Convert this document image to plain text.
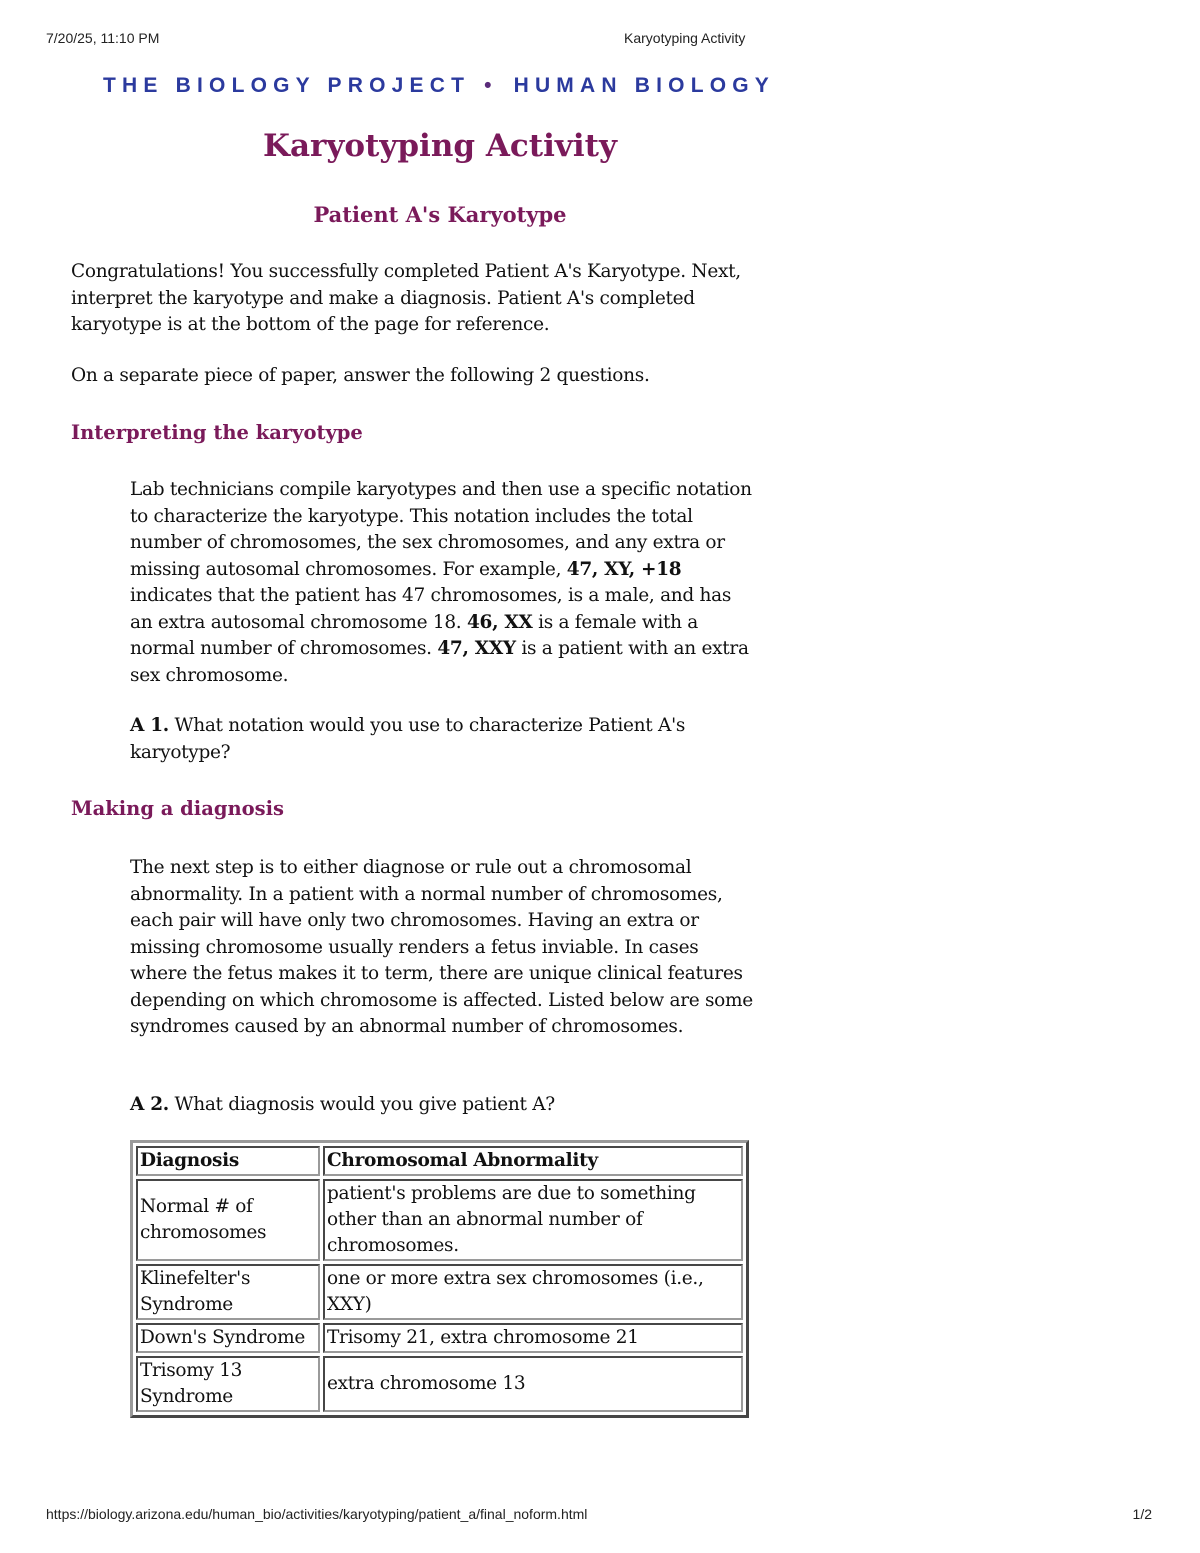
7/20/25, 11:10 PM	Karyotyping Activity
THE BIOLOGY PROJECT • HUMAN BIOLOGY
Karyotyping Activity
Patient A's Karyotype

Congratulations! You successfully completed Patient A's Karyotype. Next, interpret the karyotype and make a diagnosis. Patient A's completed karyotype is at the bottom of the page for reference.

On a separate piece of paper, answer the following 2 questions.

Interpreting the karyotype

Lab technicians compile karyotypes and then use a specific notation to characterize the karyotype. This notation includes the total number of chromosomes, the sex chromosomes, and any extra or missing autosomal chromosomes. For example, 47, XY, +18 indicates that the patient has 47 chromosomes, is a male, and has an extra autosomal chromosome 18. 46, XX is a female with a normal number of chromosomes. 47, XXY is a patient with an extra sex chromosome.

A 1. What notation would you use to characterize Patient A's karyotype?

Making a diagnosis

The next step is to either diagnose or rule out a chromosomal abnormality. In a patient with a normal number of chromosomes, each pair will have only two chromosomes. Having an extra or missing chromosome usually renders a fetus inviable. In cases where the fetus makes it to term, there are unique clinical features depending on which chromosome is affected. Listed below are some syndromes caused by an abnormal number of chromosomes.

A 2. What diagnosis would you give patient A?

Diagnosis	Chromosomal Abnormality
Normal # of chromosomes	patient's problems are due to something other than an abnormal number of chromosomes.
Klinefelter's Syndrome	one or more extra sex chromosomes (i.e., XXY)
Down's Syndrome	Trisomy 21, extra chromosome 21
Trisomy 13 Syndrome	extra chromosome 13
https://biology.arizona.edu/human_bio/activities/karyotyping/patient_a/final_noform.html	1/2
